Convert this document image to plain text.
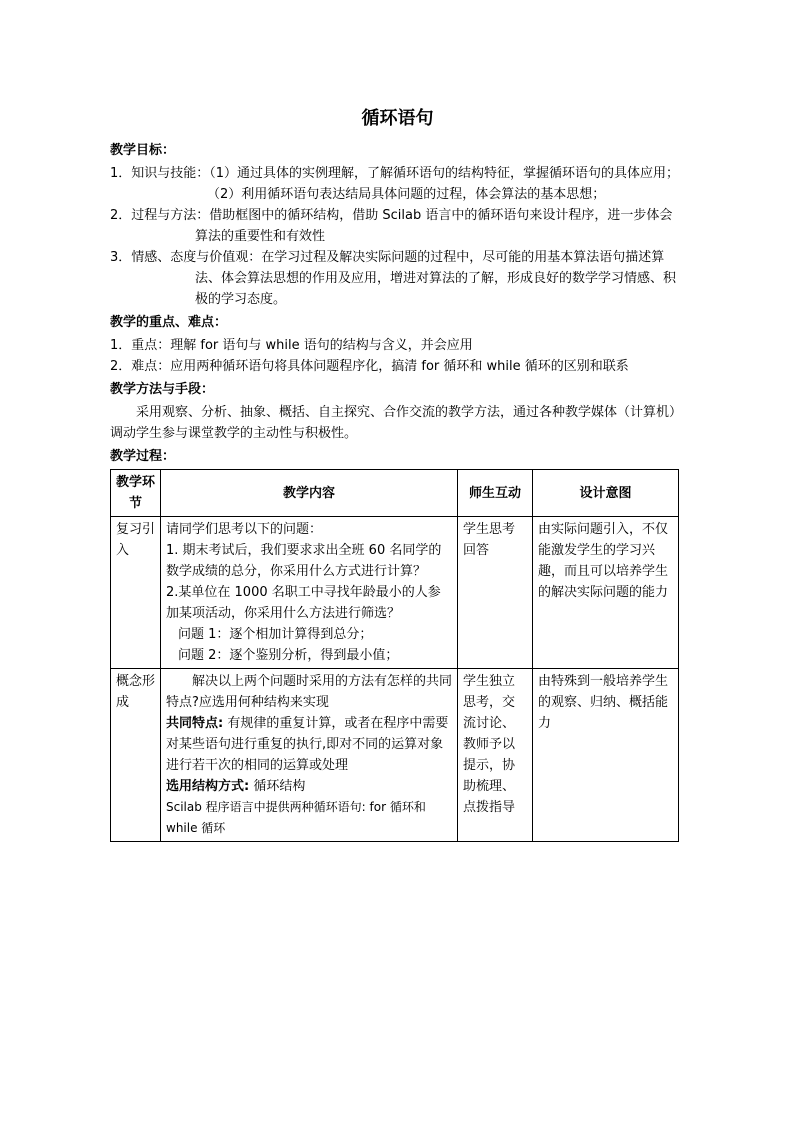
循环语句
教学目标：
1．知识与技能：（1）通过具体的实例理解，了解循环语句的结构特征，掌握循环语句的具体应用；
（2）利用循环语句表达结局具体问题的过程，体会算法的基本思想；
2．过程与方法：借助框图中的循环结构，借助 Scilab 语言中的循环语句来设计程序，进一步体会算法的重要性和有效性
3．情感、态度与价值观：在学习过程及解决实际问题的过程中，尽可能的用基本算法语句描述算法、体会算法思想的作用及应用，增进对算法的了解，形成良好的数学学习情感、积极的学习态度。
教学的重点、难点：
1．重点：理解 for 语句与 while 语句的结构与含义，并会应用
2．难点：应用两种循环语句将具体问题程序化，搞清 for 循环和 while 循环的区别和联系
教学方法与手段：
采用观察、分析、抽象、概括、自主探究、合作交流的教学方法，通过各种教学媒体（计算机）调动学生参与课堂教学的主动性与积极性。
教学过程：
教学环节	教学内容	师生互动	设计意图
复习引入	请同学们思考以下的问题：
1. 期末考试后，我们要求求出全班 60 名同学的数学成绩的总分，你采用什么方式进行计算？
2.某单位在 1000 名职工中寻找年龄最小的人参加某项活动，你采用什么方法进行筛选？
问题 1：逐个相加计算得到总分；
问题 2：逐个鉴别分析，得到最小值；	学生思考回答	由实际问题引入，不仅能激发学生的学习兴趣，而且可以培养学生的解决实际问题的能力
概念形成	解决以上两个问题时采用的方法有怎样的共同特点?应选用何种结构来实现
共同特点: 有规律的重复计算，或者在程序中需要对某些语句进行重复的执行,即对不同的运算对象进行若干次的相同的运算或处理
选用结构方式: 循环结构
Scilab 程序语言中提供两种循环语句: for 循环和 while 循环	学生独立思考，交流讨论、教师予以提示，协助梳理、点拨指导	由特殊到一般培养学生的观察、归纳、概括能力
